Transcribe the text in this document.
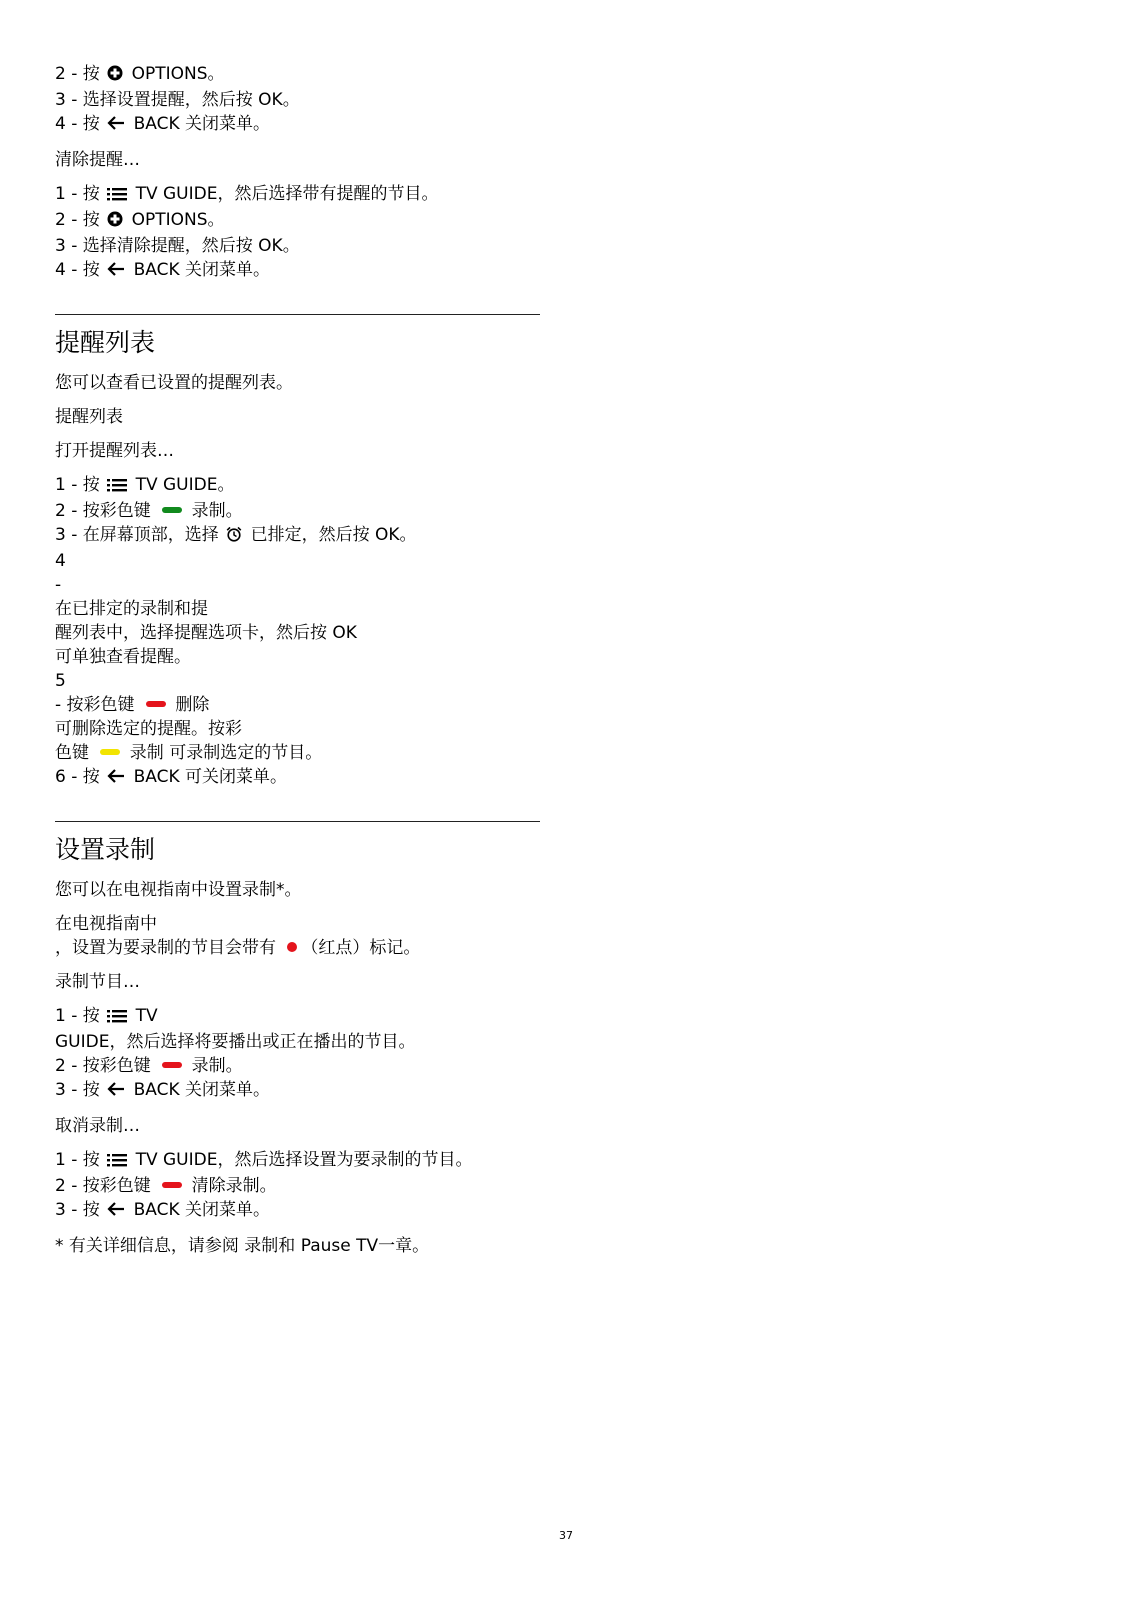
2 - 按  OPTIONS。

3 - 选择设置提醒，然后按 OK。

4 - 按  BACK 关闭菜单。

清除提醒…

1 - 按  TV GUIDE，然后选择带有提醒的节目。

2 - 按  OPTIONS。

3 - 选择清除提醒，然后按 OK。

4 - 按  BACK 关闭菜单。

提醒列表

您可以查看已设置的提醒列表。

提醒列表

打开提醒列表…

1 - 按  TV GUIDE。

2 - 按彩色键  录制。

3 - 在屏幕顶部，选择  已排定，然后按 OK。

4

-

在已排定的录制和提

醒列表中，选择提醒选项卡，然后按 OK

可单独查看提醒。

5

- 按彩色键  删除

可删除选定的提醒。按彩

色键  录制 可录制选定的节目。

6 - 按  BACK 可关闭菜单。

设置录制

您可以在电视指南中设置录制*。

在电视指南中

，设置为要录制的节目会带有 （红点）标记。

录制节目…

1 - 按  TV

GUIDE，然后选择将要播出或正在播出的节目。

2 - 按彩色键  录制。

3 - 按  BACK 关闭菜单。

取消录制…

1 - 按  TV GUIDE，然后选择设置为要录制的节目。

2 - 按彩色键  清除录制。

3 - 按  BACK 关闭菜单。

* 有关详细信息，请参阅 录制和 Pause TV一章。

37
